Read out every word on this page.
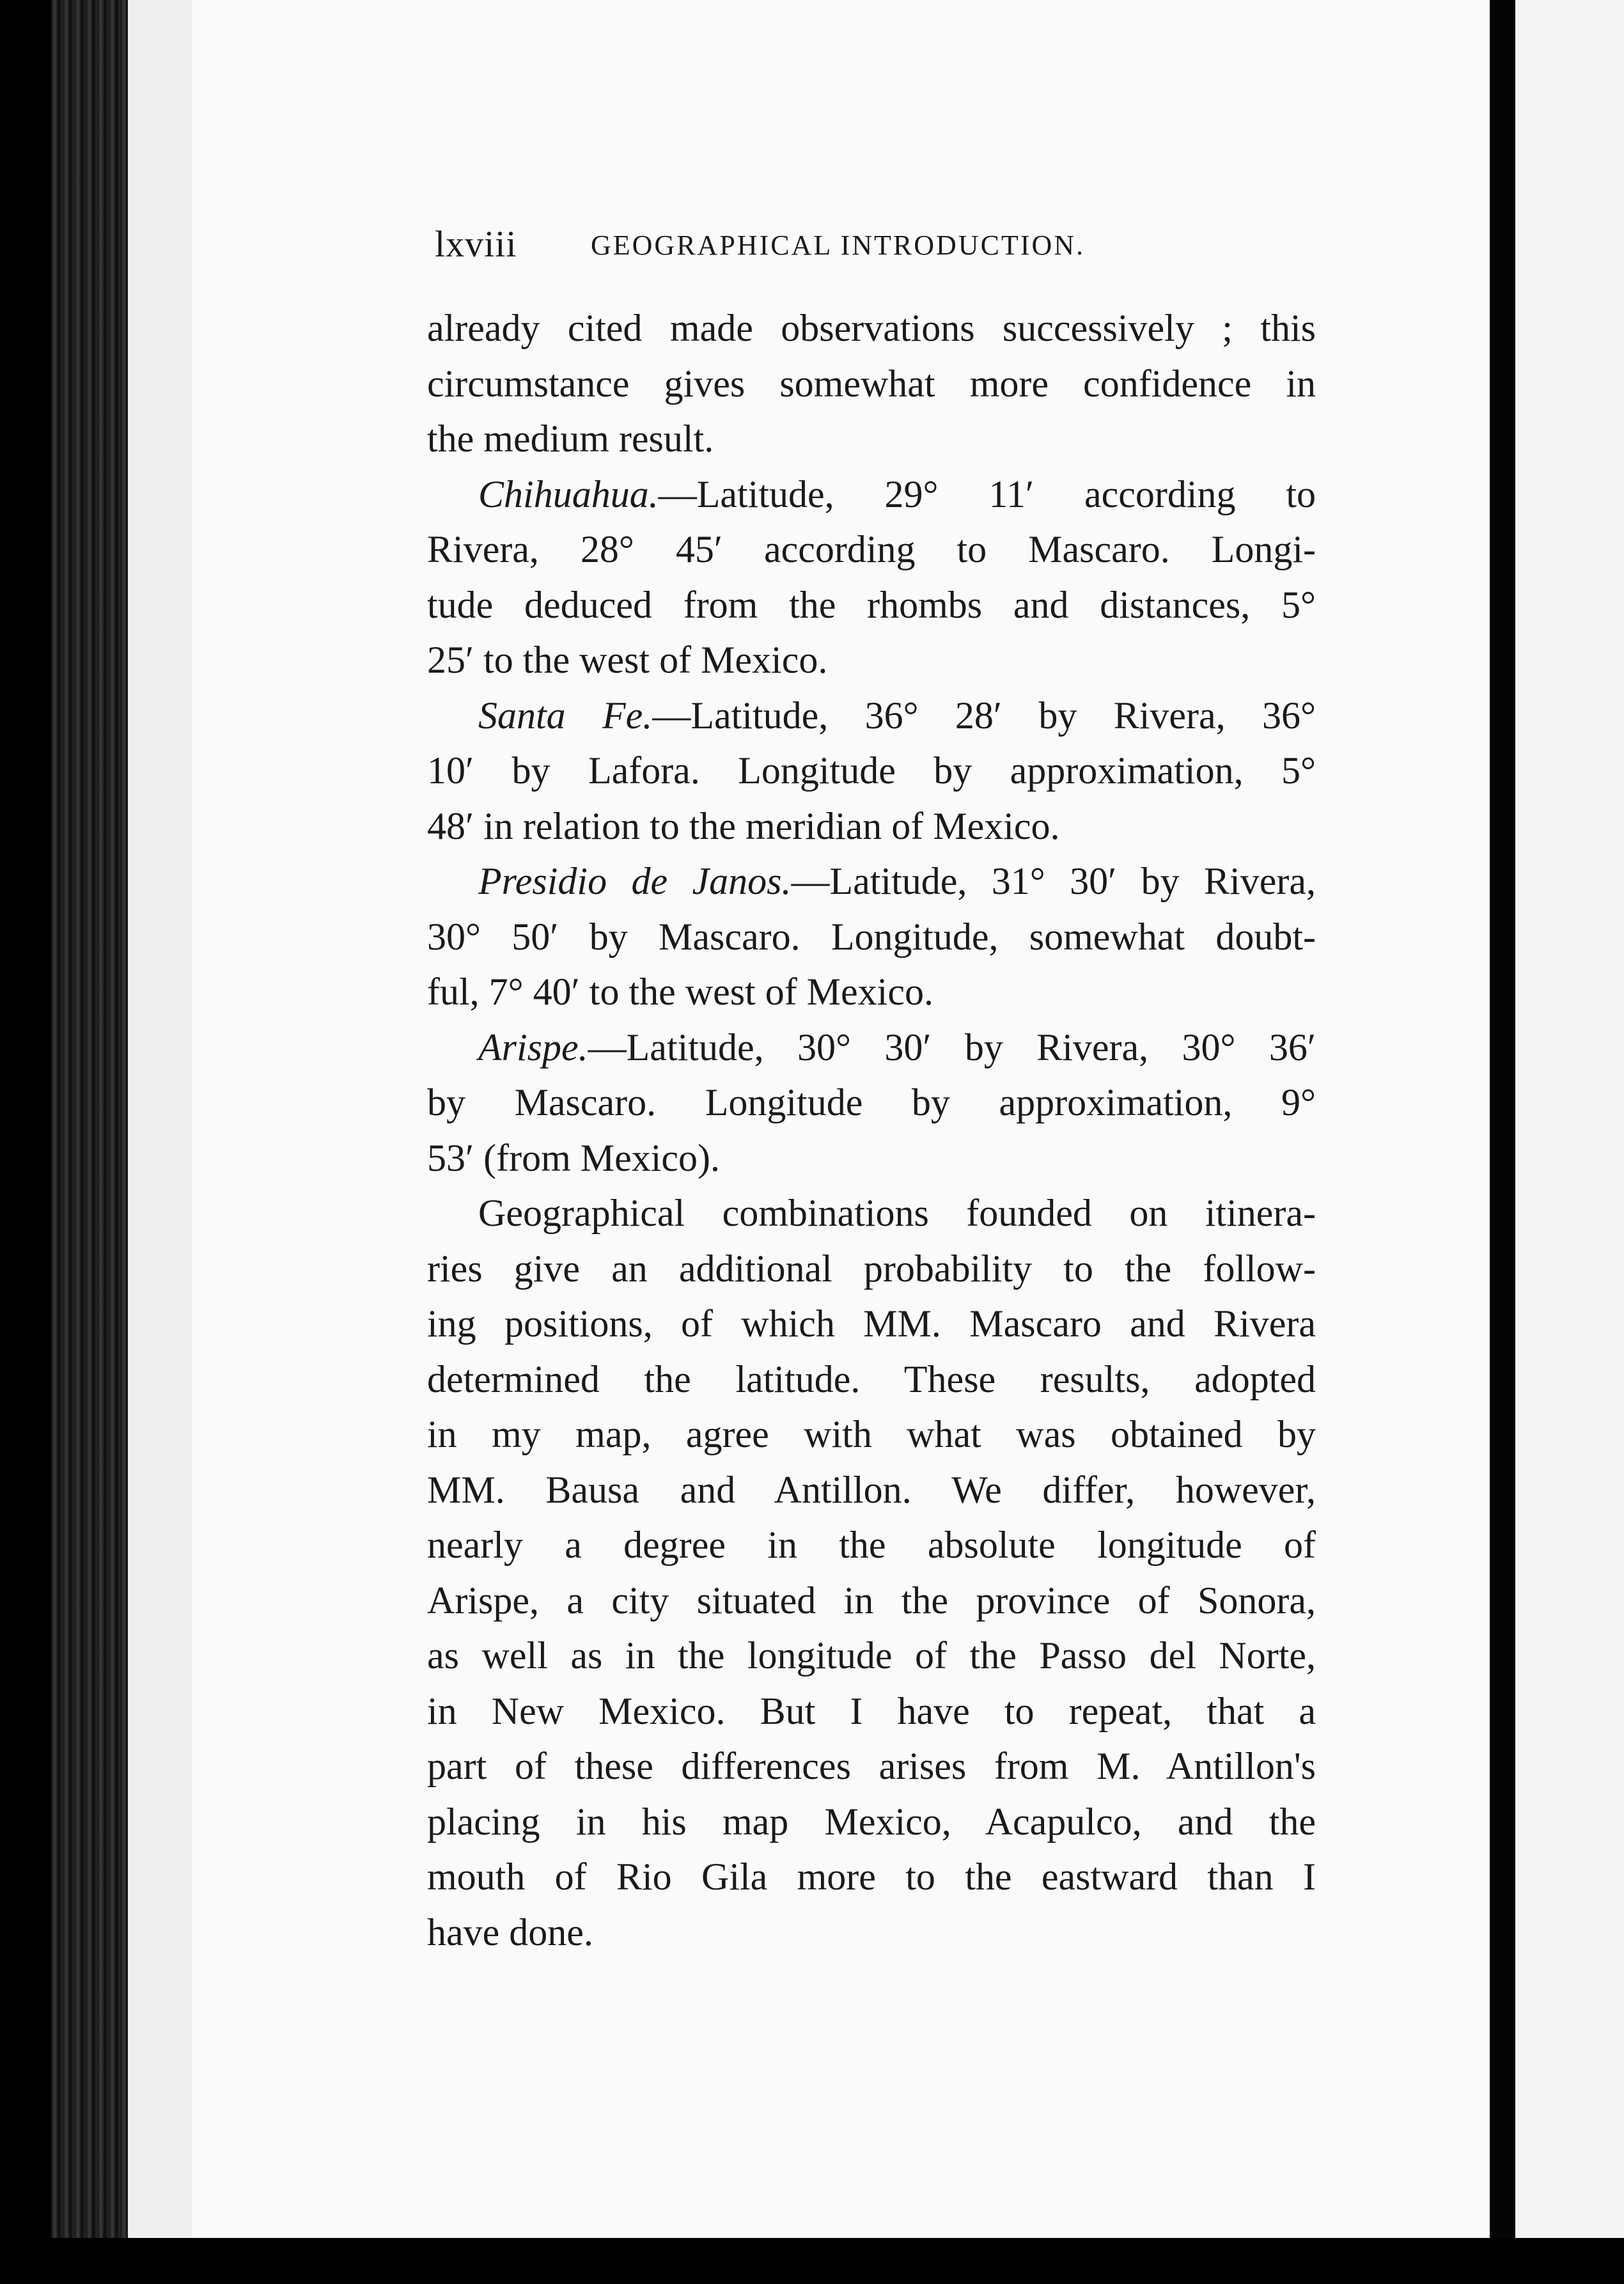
lxviii	GEOGRAPHICAL INTRODUCTION.
already cited made observations successively ; this
circumstance gives somewhat more confidence in
the medium result.
Chihuahua.—Latitude, 29° 11′ according to
Rivera, 28° 45′ according to Mascaro. Longi-
tude deduced from the rhombs and distances, 5°
25′ to the west of Mexico.
Santa Fe.—Latitude, 36° 28′ by Rivera, 36°
10′ by Lafora. Longitude by approximation, 5°
48′ in relation to the meridian of Mexico.
Presidio de Janos.—Latitude, 31° 30′ by Rivera,
30° 50′ by Mascaro. Longitude, somewhat doubt-
ful, 7° 40′ to the west of Mexico.
Arispe.—Latitude, 30° 30′ by Rivera, 30° 36′
by Mascaro. Longitude by approximation, 9°
53′ (from Mexico).
Geographical combinations founded on itinera-
ries give an additional probability to the follow-
ing positions, of which MM. Mascaro and Rivera
determined the latitude. These results, adopted
in my map, agree with what was obtained by
MM. Bausa and Antillon. We differ, however,
nearly a degree in the absolute longitude of
Arispe, a city situated in the province of Sonora,
as well as in the longitude of the Passo del Norte,
in New Mexico. But I have to repeat, that a
part of these differences arises from M. Antillon's
placing in his map Mexico, Acapulco, and the
mouth of Rio Gila more to the eastward than I
have done.
